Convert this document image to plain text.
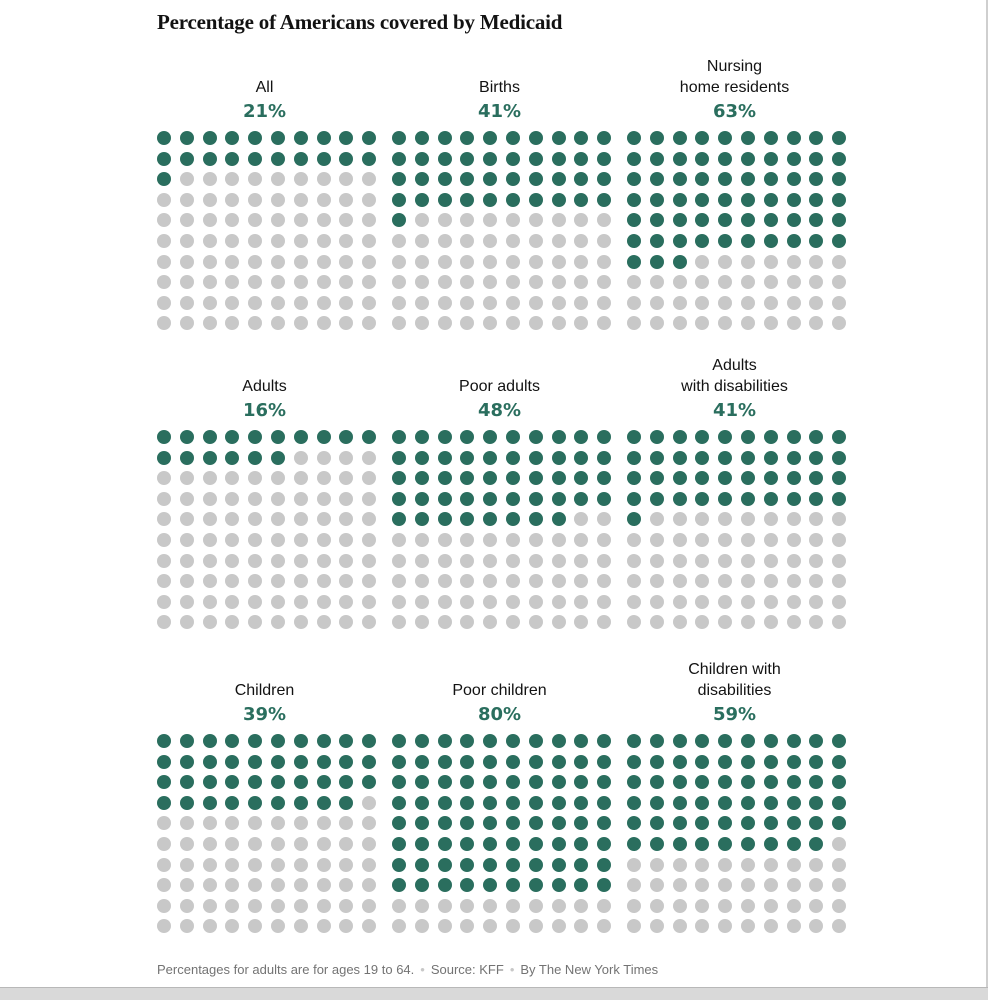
Percentage of Americans covered by Medicaid
All
21%
Births
41%
Nursing
home residents
63%
Adults
16%
Poor adults
48%
Adults
with disabilities
41%
Children
39%
Poor children
80%
Children with
disabilities
59%
Percentages for adults are for ages 19 to 64. • Source: KFF • By The New York Times
